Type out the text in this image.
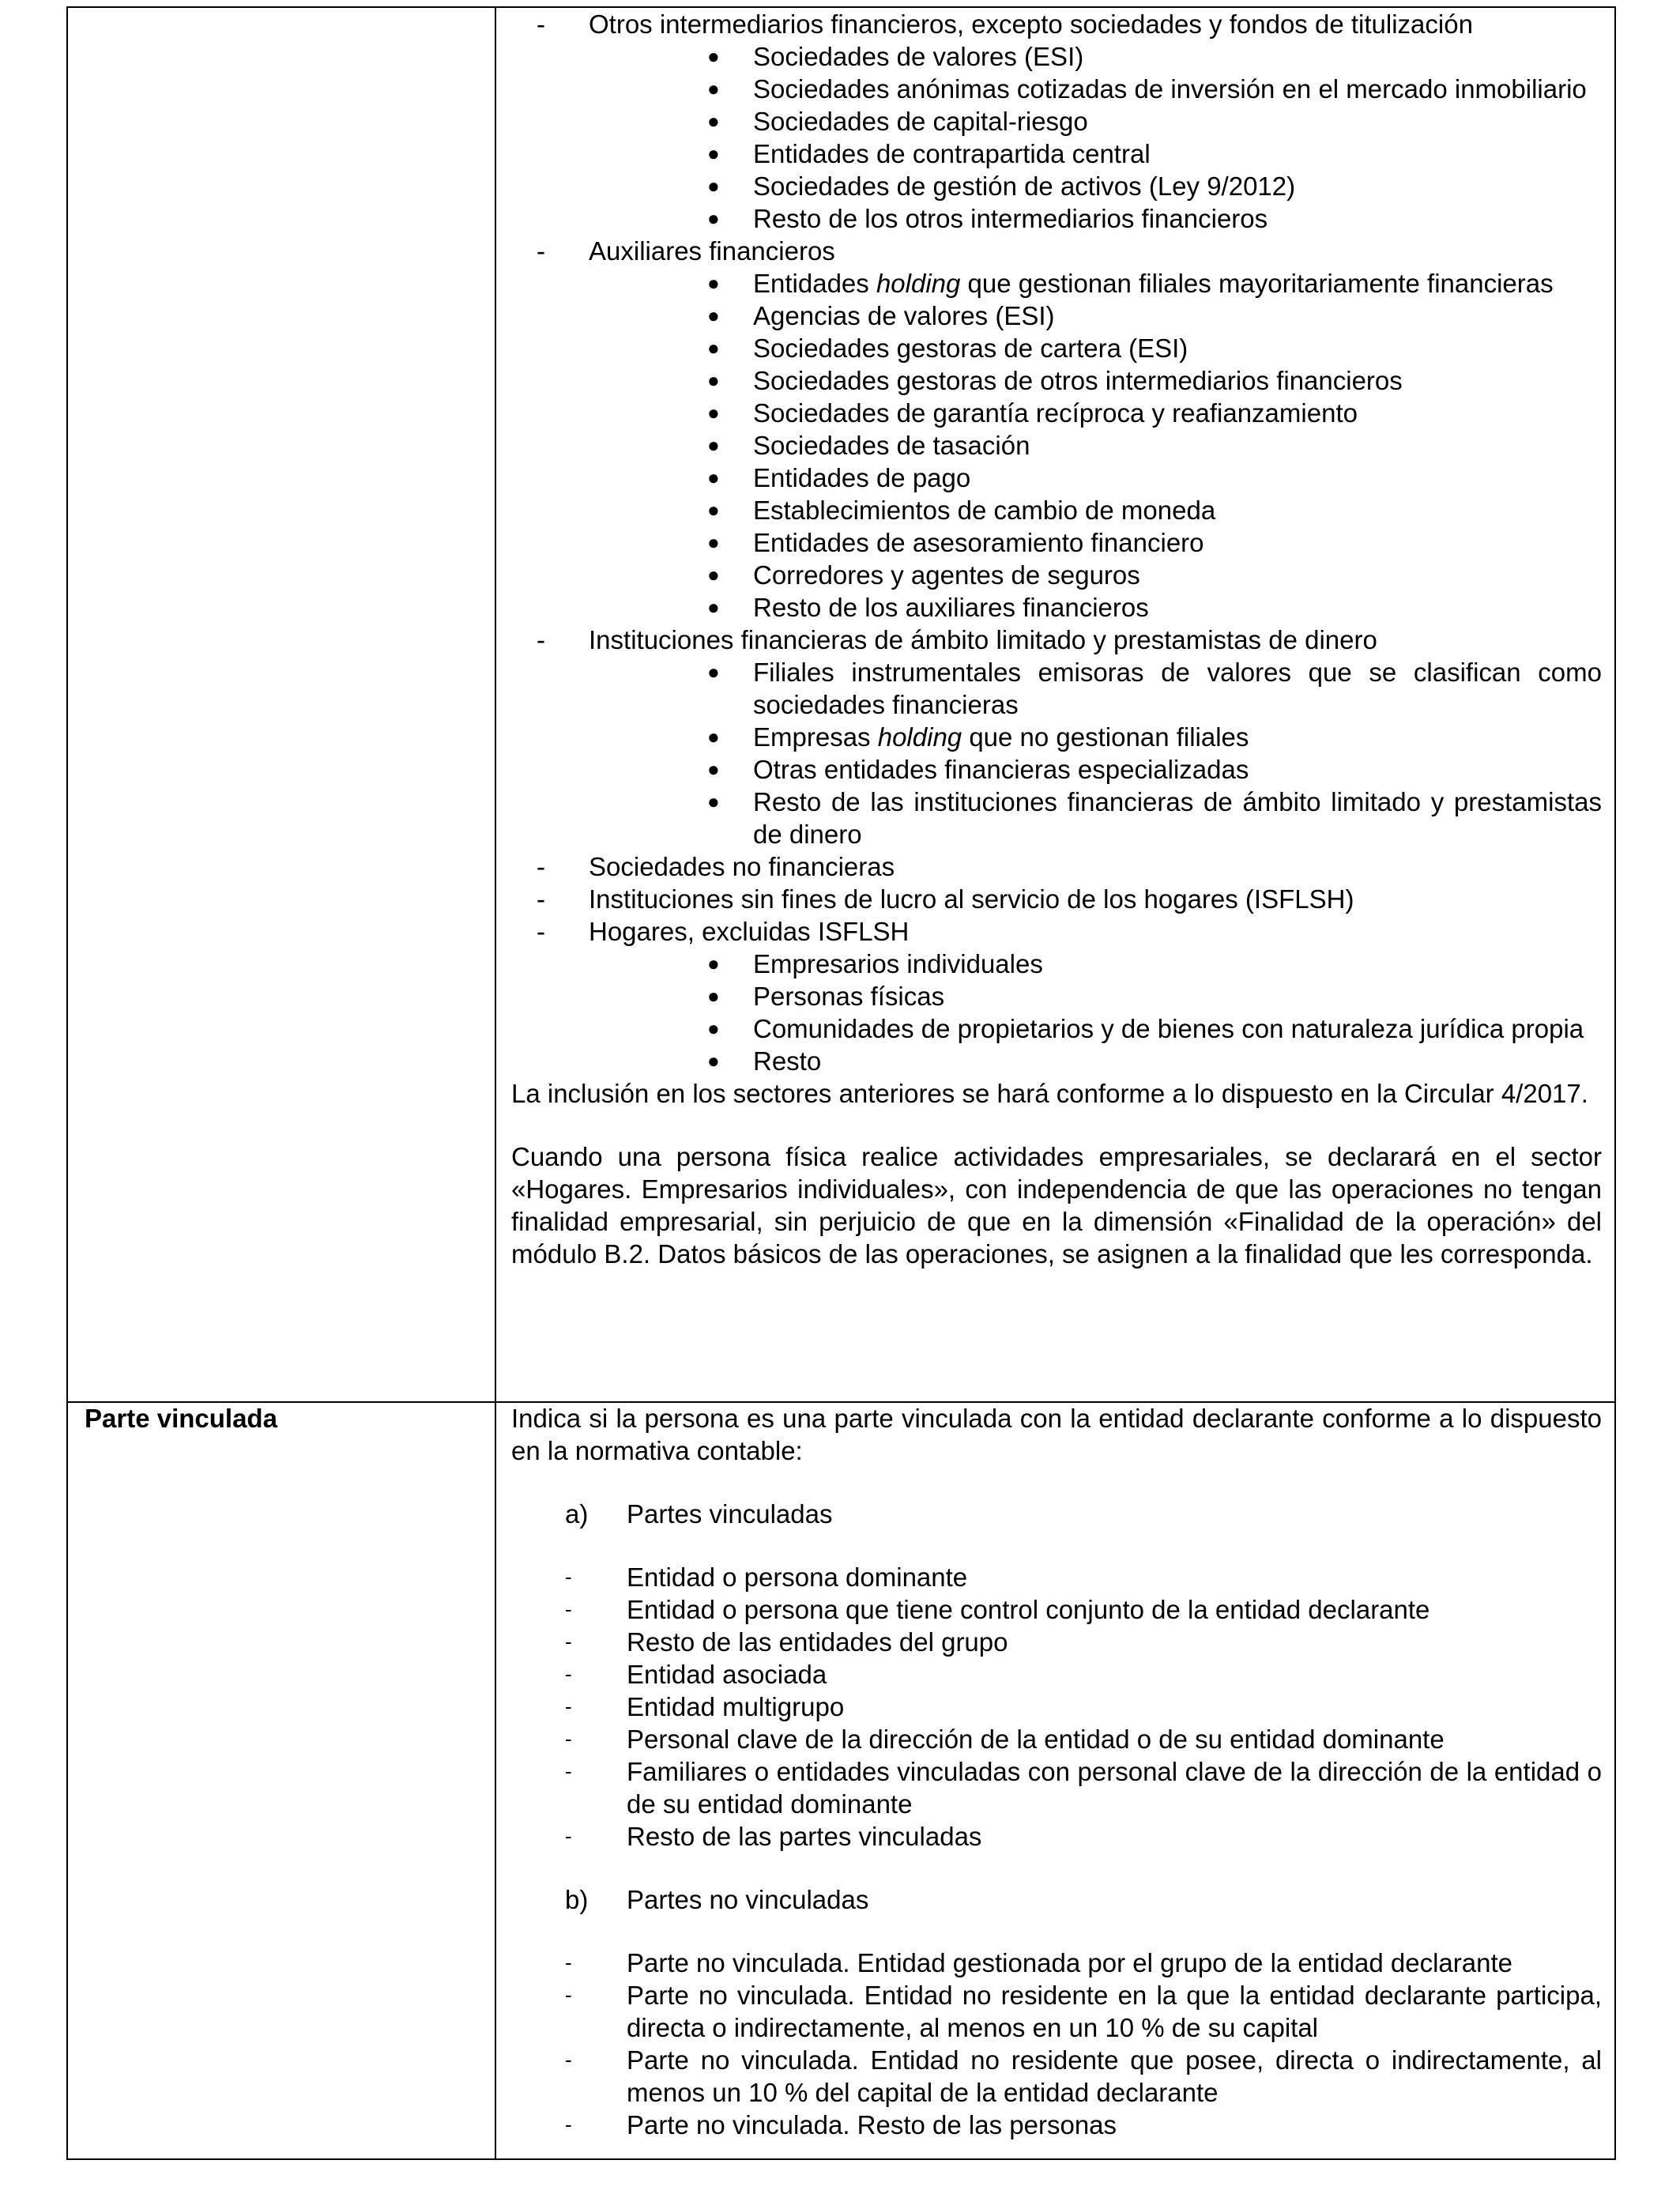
- Otros intermediarios financieros, excepto sociedades y fondos de titulización
● Sociedades de valores (ESI)
● Sociedades anónimas cotizadas de inversión en el mercado inmobiliario
● Sociedades de capital-riesgo
● Entidades de contrapartida central
● Sociedades de gestión de activos (Ley 9/2012)
● Resto de los otros intermediarios financieros
- Auxiliares financieros
● Entidades holding que gestionan filiales mayoritariamente financieras
● Agencias de valores (ESI)
● Sociedades gestoras de cartera (ESI)
● Sociedades gestoras de otros intermediarios financieros
● Sociedades de garantía recíproca y reafianzamiento
● Sociedades de tasación
● Entidades de pago
● Establecimientos de cambio de moneda
● Entidades de asesoramiento financiero
● Corredores y agentes de seguros
● Resto de los auxiliares financieros
- Instituciones financieras de ámbito limitado y prestamistas de dinero
● Filiales instrumentales emisoras de valores que se clasifican como sociedades financieras
● Empresas holding que no gestionan filiales
● Otras entidades financieras especializadas
● Resto de las instituciones financieras de ámbito limitado y prestamistas de dinero
- Sociedades no financieras
- Instituciones sin fines de lucro al servicio de los hogares (ISFLSH)
- Hogares, excluidas ISFLSH
● Empresarios individuales
● Personas físicas
● Comunidades de propietarios y de bienes con naturaleza jurídica propia
● Resto
La inclusión en los sectores anteriores se hará conforme a lo dispuesto en la Circular 4/2017.
Cuando una persona física realice actividades empresariales, se declarará en el sector «Hogares. Empresarios individuales», con independencia de que las operaciones no tengan finalidad empresarial, sin perjuicio de que en la dimensión «Finalidad de la operación» del módulo B.2. Datos básicos de las operaciones, se asignen a la finalidad que les corresponda.
Parte vinculada	Indica si la persona es una parte vinculada con la entidad declarante conforme a lo dispuesto en la normativa contable:
a) Partes vinculadas
- Entidad o persona dominante
- Entidad o persona que tiene control conjunto de la entidad declarante
- Resto de las entidades del grupo
- Entidad asociada
- Entidad multigrupo
- Personal clave de la dirección de la entidad o de su entidad dominante
- Familiares o entidades vinculadas con personal clave de la dirección de la entidad o de su entidad dominante
- Resto de las partes vinculadas
b) Partes no vinculadas
- Parte no vinculada. Entidad gestionada por el grupo de la entidad declarante
- Parte no vinculada. Entidad no residente en la que la entidad declarante participa, directa o indirectamente, al menos en un 10 % de su capital
- Parte no vinculada. Entidad no residente que posee, directa o indirectamente, al menos un 10 % del capital de la entidad declarante
- Parte no vinculada. Resto de las personas
